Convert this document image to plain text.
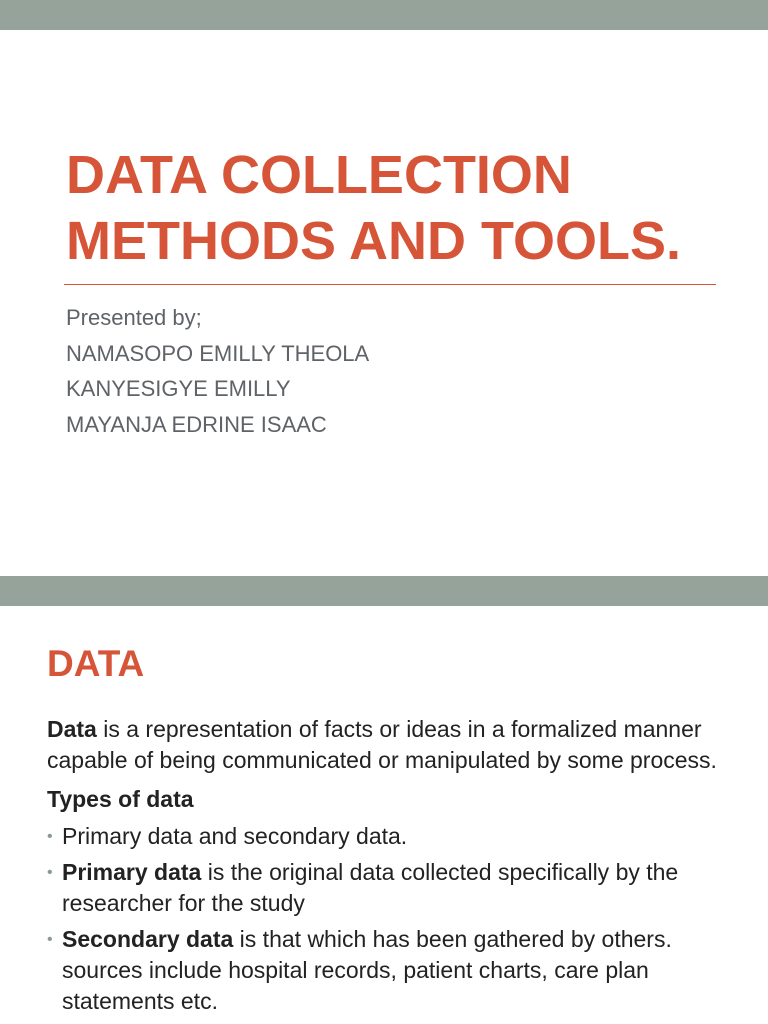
DATA COLLECTION
METHODS AND TOOLS.
Presented by;
NAMASOPO EMILLY THEOLA
KANYESIGYE EMILLY
MAYANJA EDRINE ISAAC
DATA

Data is a representation of facts or ideas in a formalized manner capable of being communicated or manipulated by some process.

Types of data

• Primary data and secondary data.
• Primary data is the original data collected specifically by the researcher for the study
• Secondary data is that which has been gathered by others. sources include hospital records, patient charts, care plan statements etc.
